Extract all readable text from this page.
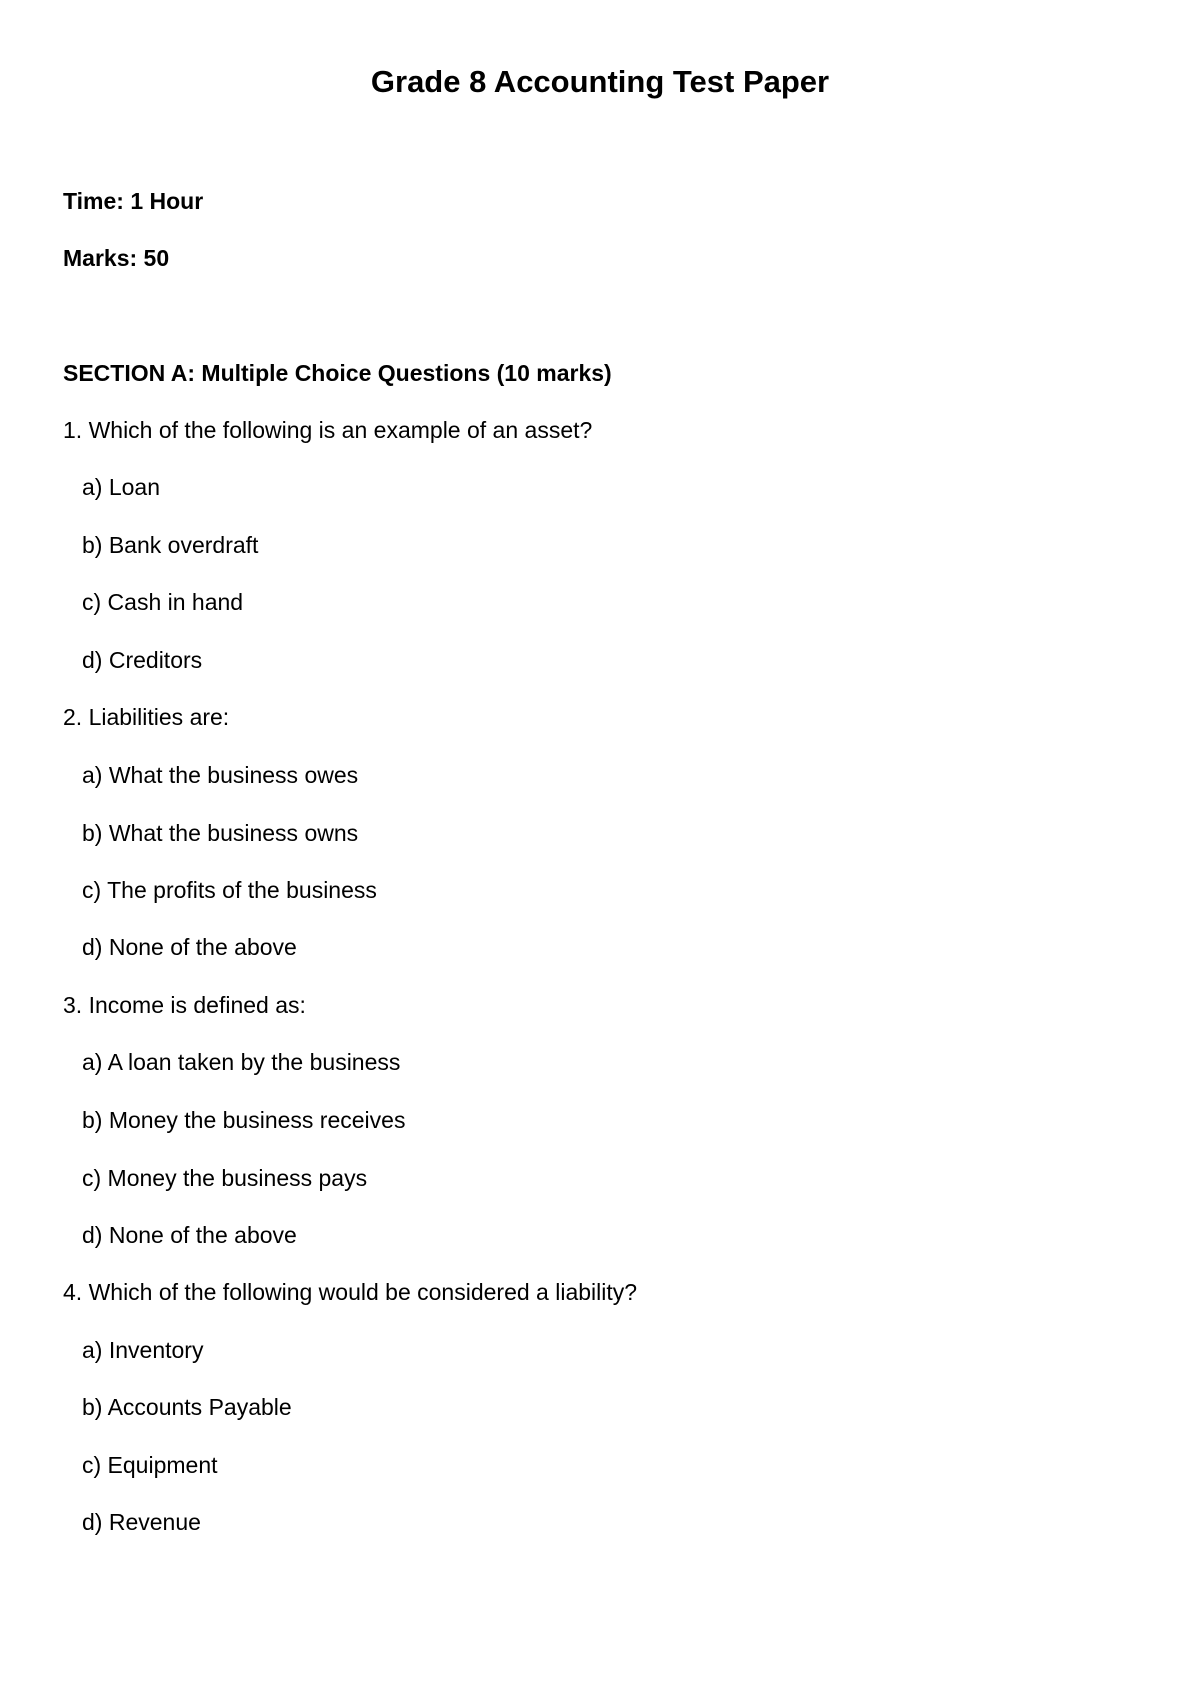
Grade 8 Accounting Test Paper
Time: 1 Hour
Marks: 50
SECTION A: Multiple Choice Questions (10 marks)
1. Which of the following is an example of an asset?
a) Loan
b) Bank overdraft
c) Cash in hand
d) Creditors
2. Liabilities are:
a) What the business owes
b) What the business owns
c) The profits of the business
d) None of the above
3. Income is defined as:
a) A loan taken by the business
b) Money the business receives
c) Money the business pays
d) None of the above
4. Which of the following would be considered a liability?
a) Inventory
b) Accounts Payable
c) Equipment
d) Revenue
